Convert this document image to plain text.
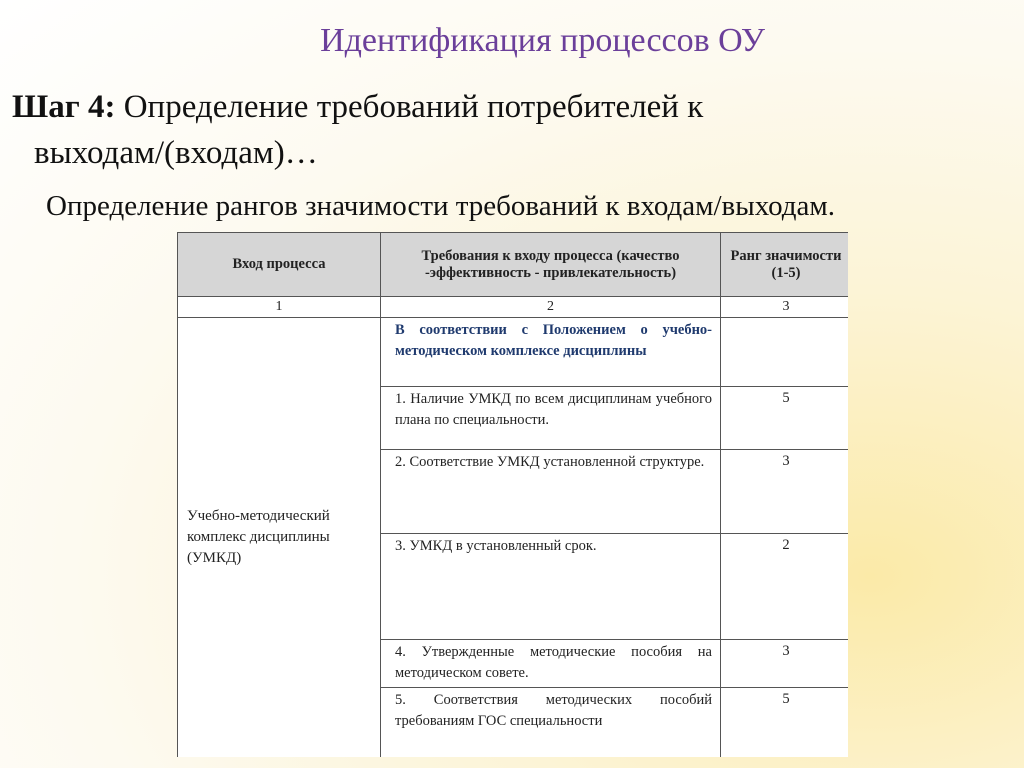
Идентификация процессов ОУ
Шаг 4: Определение требований потребителей к
выходам/(входам)…
Определение рангов значимости требований к входам/выходам.
Вход процесса	Требования к входу процесса (качество -эффективность - привлекательность)	Ранг значимости (1-5)
1	2	3
Учебно-методический комплекс дисциплины (УМКД)	В соответствии с Положением о учебно-методическом комплексе дисциплины	
	1. Наличие УМКД по всем дисциплинам учебного плана по специальности.	5
	2. Соответствие УМКД установленной структуре.	3
	3. УМКД в установленный срок.	2
	4. Утвержденные методические пособия на методическом совете.	3
	5. Соответствия методических пособий требованиям ГОС специальности	5
